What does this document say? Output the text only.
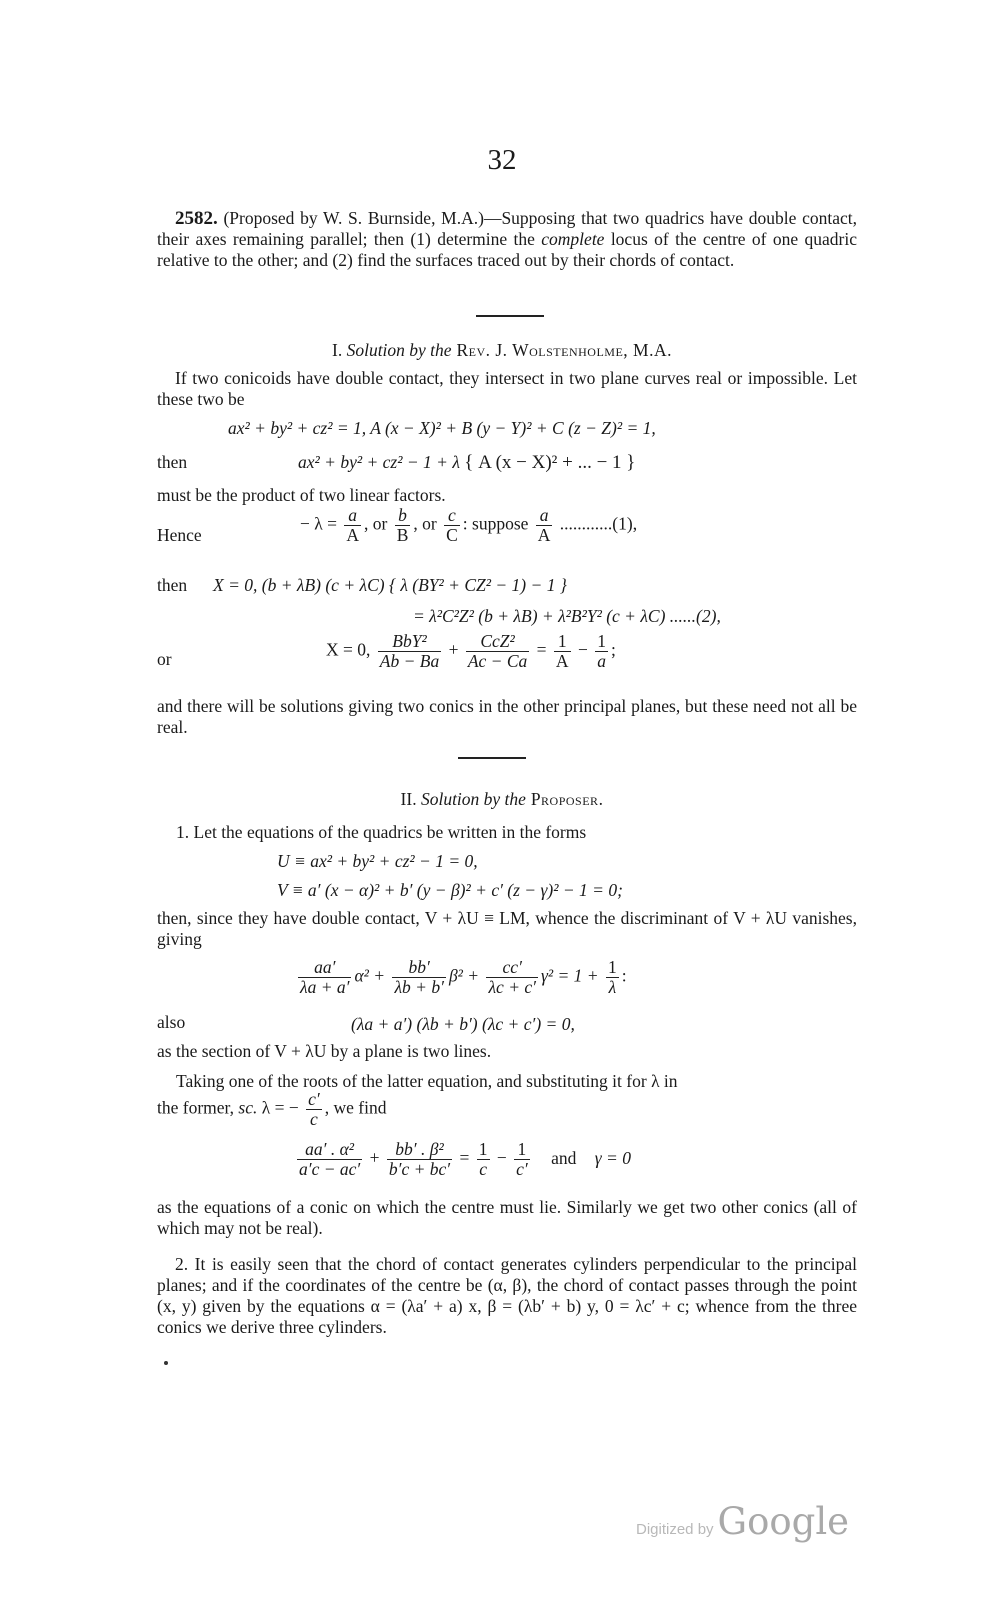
32
2582. (Proposed by W. S. Burnside, M.A.)—Supposing that two quadrics have double contact, their axes remaining parallel; then (1) determine the complete locus of the centre of one quadric relative to the other; and (2) find the surfaces traced out by their chords of contact.
I. Solution by the Rev. J. Wolstenholme, M.A.
If two conicoids have double contact, they intersect in two plane curves real or impossible. Let these two be
ax² + by² + cz² = 1, A (x − X)² + B (y − Y)² + C (z − Z)² = 1,
then	ax² + by² + cz² − 1 + λ { A (x − X)² + ... − 1 }
must be the product of two linear factors.
Hence
− $\lambda = \frac{a}{A}$ , or $\frac{b}{B}$ , or $\frac{c}{C}$ : suppose $\frac{a}{A} ............(1)$,
then X = 0, (b + λB) (c + λC) { λ (BY² + CZ² − 1) − 1 }
= λ²C²Z² (b + λB) + λ²B²Y² (c + λC) ......(2),
or	X = 0, $\frac{\text{BbY²}}{Ab - Ba} + \frac{\text{CcZ²}}{Ac - Ca} = \frac{1}{A} - \frac{1}{a}$ ;
and there will be solutions giving two conics in the other principal planes, but these need not all be real.
II. Solution by the Proposer.
1. Let the equations of the quadrics be written in the forms
U ≡ ax² + by² + cz² − 1 = 0,
V ≡ a′ (x − α)² + b′ (y − β)² + c′ (z − γ)² − 1 = 0;
then, since they have double contact, V + λU ≡ LM, whence the discriminant of V + λU vanishes, giving
$\frac{aa'}{\lambda a + a'} \alpha^2 + \frac{bb'}{\lambda b + b'} \beta^2 + \frac{cc'}{\lambda c + c'} \gamma^2 = 1 + \frac{1}{\lambda}$ :
also	(λa + a′) (λb + b′) (λc + c′) = 0,
as the section of V + λU by a plane is two lines.
Taking one of the roots of the latter equation, and substituting it for λ in
the former, sc. λ = − $\frac{c'}{c}$ , we find
$\frac{\text{aa′ . α²}}{a'c - ac'} + \frac{\text{bb′ . β²}}{b'c + bc'} = \frac{1}{c} - \frac{1}{c'}$ and γ = 0
as the equations of a conic on which the centre must lie. Similarly we get two other conics (all of which may not be real).
2. It is easily seen that the chord of contact generates cylinders perpendicular to the principal planes; and if the coordinates of the centre be (α, β), the chord of contact passes through the point (x, y) given by the equations α = (λa′ + a) x, β = (λb′ + b) y, 0 = λc′ + c; whence from the three conics we derive three cylinders.
Digitized by Google
